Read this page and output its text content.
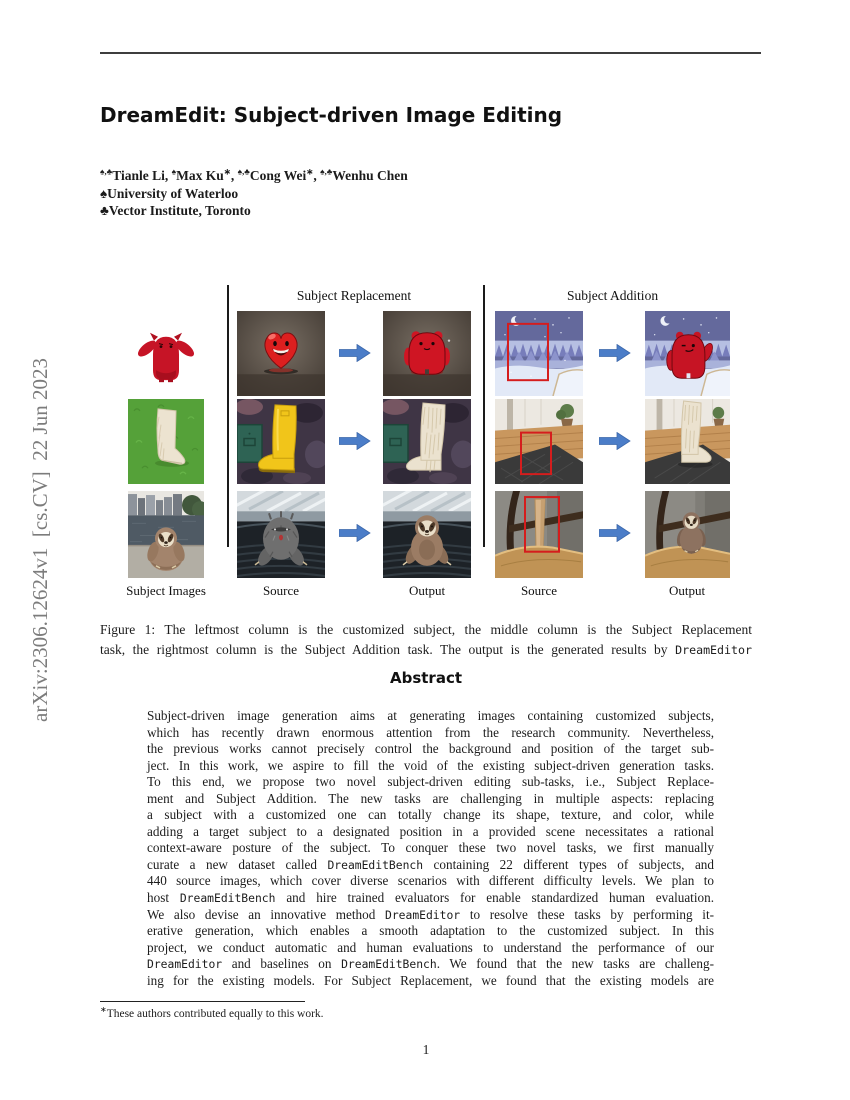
arXiv:2306.12624v1  [cs.CV]  22 Jun 2023
DreamEdit: Subject-driven Image Editing
♠,♣Tianle Li, ♠Max Ku∗, ♠,♣Cong Wei∗, ♠,♣Wenhu Chen
♠University of Waterloo
♣Vector Institute, Toronto
Subject Replacement	Subject Addition
Subject Images	Source	Output	Source	Output
Figure 1: The leftmost column is the customized subject, the middle column is the Subject Replacement
task, the rightmost column is the Subject Addition task. The output is the generated results by DreamEditor
Abstract
Subject-driven image generation aims at generating images containing customized subjects,
which has recently drawn enormous attention from the research community. Nevertheless,
the previous works cannot precisely control the background and position of the target sub-
ject. In this work, we aspire to fill the void of the existing subject-driven generation tasks.
To this end, we propose two novel subject-driven editing sub-tasks, i.e., Subject Replace-
ment and Subject Addition. The new tasks are challenging in multiple aspects: replacing
a subject with a customized one can totally change its shape, texture, and color, while
adding a target subject to a designated position in a provided scene necessitates a rational
context-aware posture of the subject. To conquer these two novel tasks, we first manually
curate a new dataset called DreamEditBench containing 22 different types of subjects, and
440 source images, which cover diverse scenarios with different difficulty levels. We plan to
host DreamEditBench and hire trained evaluators for enable standardized human evaluation.
We also devise an innovative method DreamEditor to resolve these tasks by performing it-
erative generation, which enables a smooth adaptation to the customized subject. In this
project, we conduct automatic and human evaluations to understand the performance of our
DreamEditor and baselines on DreamEditBench. We found that the new tasks are challeng-
ing for the existing models. For Subject Replacement, we found that the existing models are
∗These authors contributed equally to this work.
1
